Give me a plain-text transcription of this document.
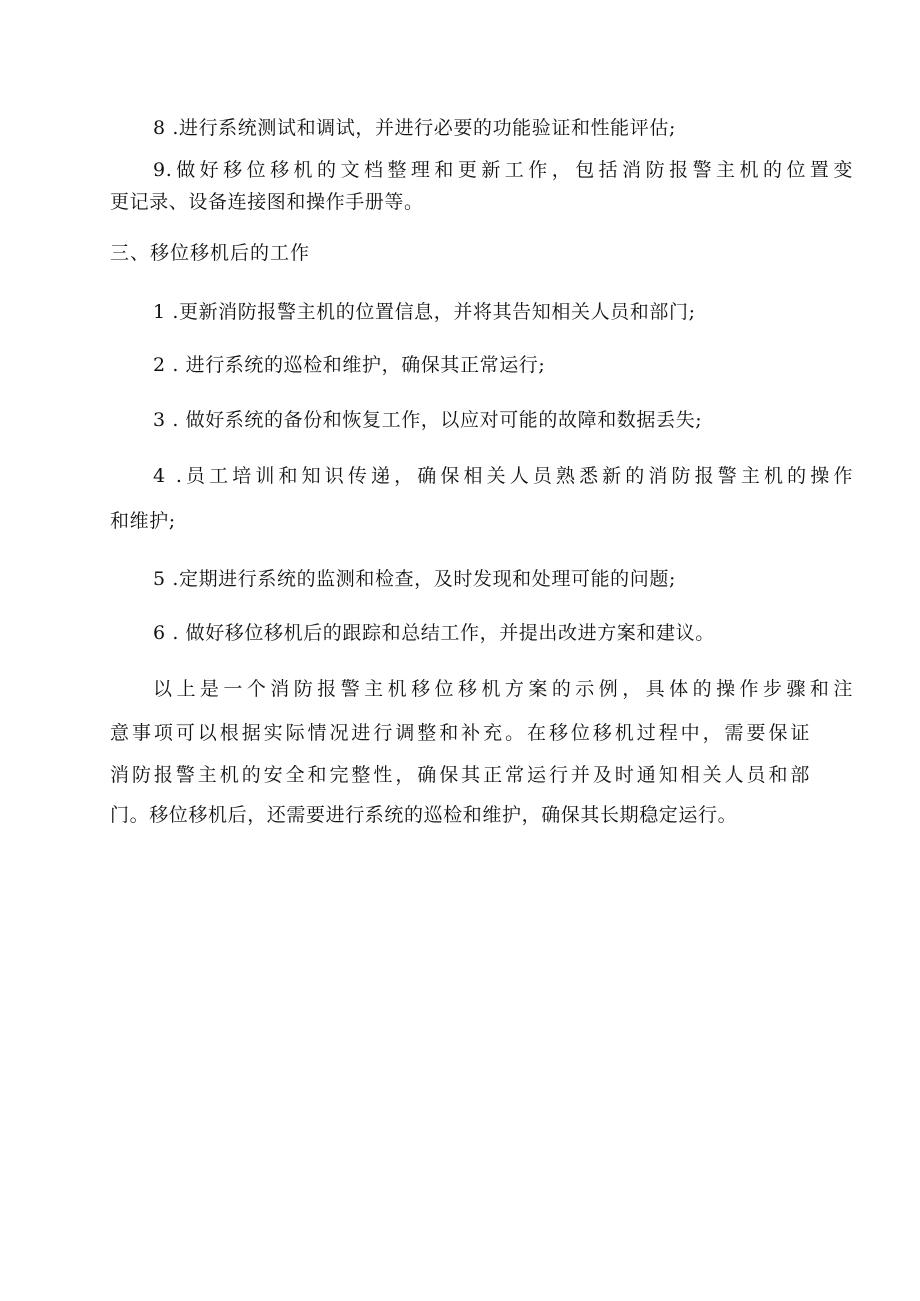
8 .进行系统测试和调试，并进行必要的功能验证和性能评估;
9.做好移位移机的文档整理和更新工作，包括消防报警主机的位置变
更记录、设备连接图和操作手册等。
三、移位移机后的工作
1 .更新消防报警主机的位置信息，并将其告知相关人员和部门;
2 . 进行系统的巡检和维护，确保其正常运行;
3 . 做好系统的备份和恢复工作，以应对可能的故障和数据丢失;
4 .员工培训和知识传递，确保相关人员熟悉新的消防报警主机的操作
和维护;
5 .定期进行系统的监测和检查，及时发现和处理可能的问题;
6 . 做好移位移机后的跟踪和总结工作，并提出改进方案和建议。
以上是一个消防报警主机移位移机方案的示例，具体的操作步骤和注
意事项可以根据实际情况进行调整和补充。在移位移机过程中，需要保证
消防报警主机的安全和完整性，确保其正常运行并及时通知相关人员和部
门。移位移机后，还需要进行系统的巡检和维护，确保其长期稳定运行。
